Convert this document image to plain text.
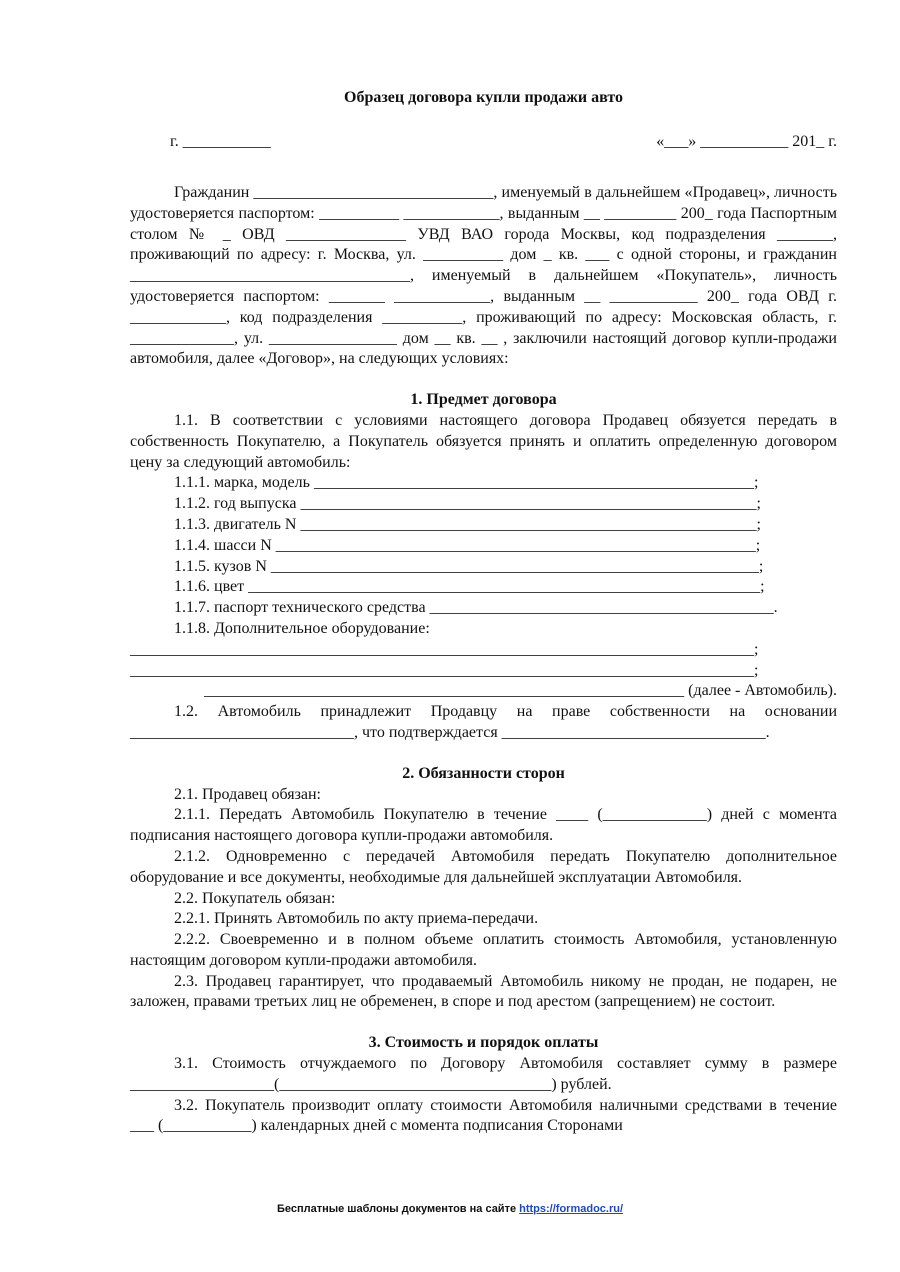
Образец договора купли продажи авто

г. ___________	«___» ___________ 201_ г.

Гражданин ______________________________, именуемый в дальнейшем «Продавец», личность удостоверяется паспортом: __________ ____________, выданным __ _________ 200_ года Паспортным столом № _ ОВД _______________ УВД ВАО города Москвы, код подразделения _______, проживающий по адресу: г. Москва, ул. __________ дом _ кв. ___ с одной стороны, и гражданин ___________________________________, именуемый в дальнейшем «Покупатель», личность удостоверяется паспортом: _______ ____________, выданным __ ___________ 200_ года ОВД г. ____________, код подразделения __________, проживающий по адресу: Московская область, г. _____________, ул. ________________ дом __ кв. __ , заключили настоящий договор купли-продажи автомобиля, далее «Договор», на следующих условиях:

1. Предмет договора

1.1. В соответствии с условиями настоящего договора Продавец обязуется передать в собственность Покупателю, а Покупатель обязуется принять и оплатить определенную договором цену за следующий автомобиль:

1.1.1. марка, модель _______________________________________________________;

1.1.2. год выпуска _________________________________________________________;

1.1.3. двигатель N _________________________________________________________;

1.1.4. шасси N ____________________________________________________________;

1.1.5. кузов N _____________________________________________________________;

1.1.6. цвет ________________________________________________________________;

1.1.7. паспорт технического средства ___________________________________________.

1.1.8. Дополнительное оборудование:

______________________________________________________________________________;

______________________________________________________________________________;

____________________________________________________________ (далее - Автомобиль).

1.2. Автомобиль принадлежит Продавцу на праве собственности на основании ____________________________, что подтверждается _________________________________.

2. Обязанности сторон

2.1. Продавец обязан:

2.1.1. Передать Автомобиль Покупателю в течение ____ (_____________) дней с момента подписания настоящего договора купли-продажи автомобиля.

2.1.2. Одновременно с передачей Автомобиля передать Покупателю дополнительное оборудование и все документы, необходимые для дальнейшей эксплуатации Автомобиля.

2.2. Покупатель обязан:

2.2.1. Принять Автомобиль по акту приема-передачи.

2.2.2. Своевременно и в полном объеме оплатить стоимость Автомобиля, установленную настоящим договором купли-продажи автомобиля.

2.3. Продавец гарантирует, что продаваемый Автомобиль никому не продан, не подарен, не заложен, правами третьих лиц не обременен, в споре и под арестом (запрещением) не состоит.

3. Стоимость и порядок оплаты

3.1. Стоимость отчуждаемого по Договору Автомобиля составляет сумму в размере __________________(__________________________________) рублей.

3.2. Покупатель производит оплату стоимости Автомобиля наличными средствами в течение ___ (___________) календарных дней с момента подписания Сторонами

Бесплатные шаблоны документов на сайте https://formadoc.ru/
